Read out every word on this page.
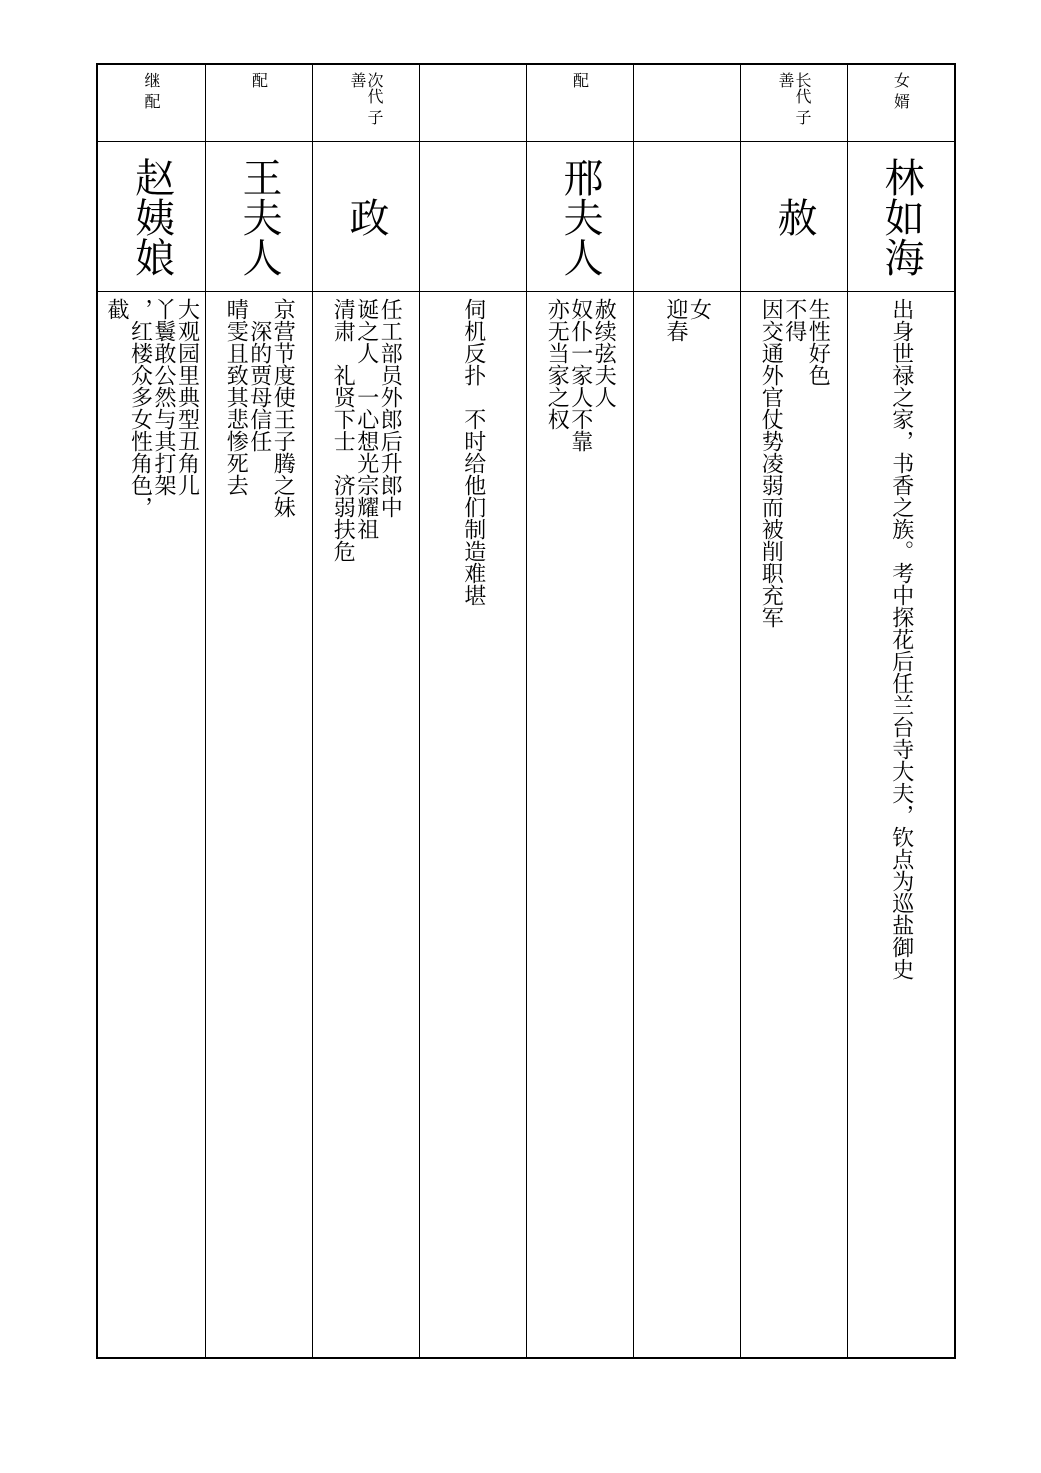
继 配
赵姨娘
大观园里典型丑角儿
丫鬟敢公然与其打架
，红楼众多女性角色，
截
配
王夫人
京营节度使王子腾之妹
　深的贾母信任
晴雯且致其悲惨死去
次代 子善
政
任工部员外郎后升郎中
诞之人　一心想光宗耀祖
清肃　礼贤下士　济弱扶危	伺机反扑　不时给他们制造难堪
配
邢夫人
赦续弦夫人
奴仆一家人不靠
亦无当家之权	女
迎春
长代 子善
赦
生性好色
不得
因交通外官仗势凌弱而被削职充军
女 婿
林如海
出身世禄之家，书香之族。考中探花后任兰台寺大夫，钦点为巡盐御史
